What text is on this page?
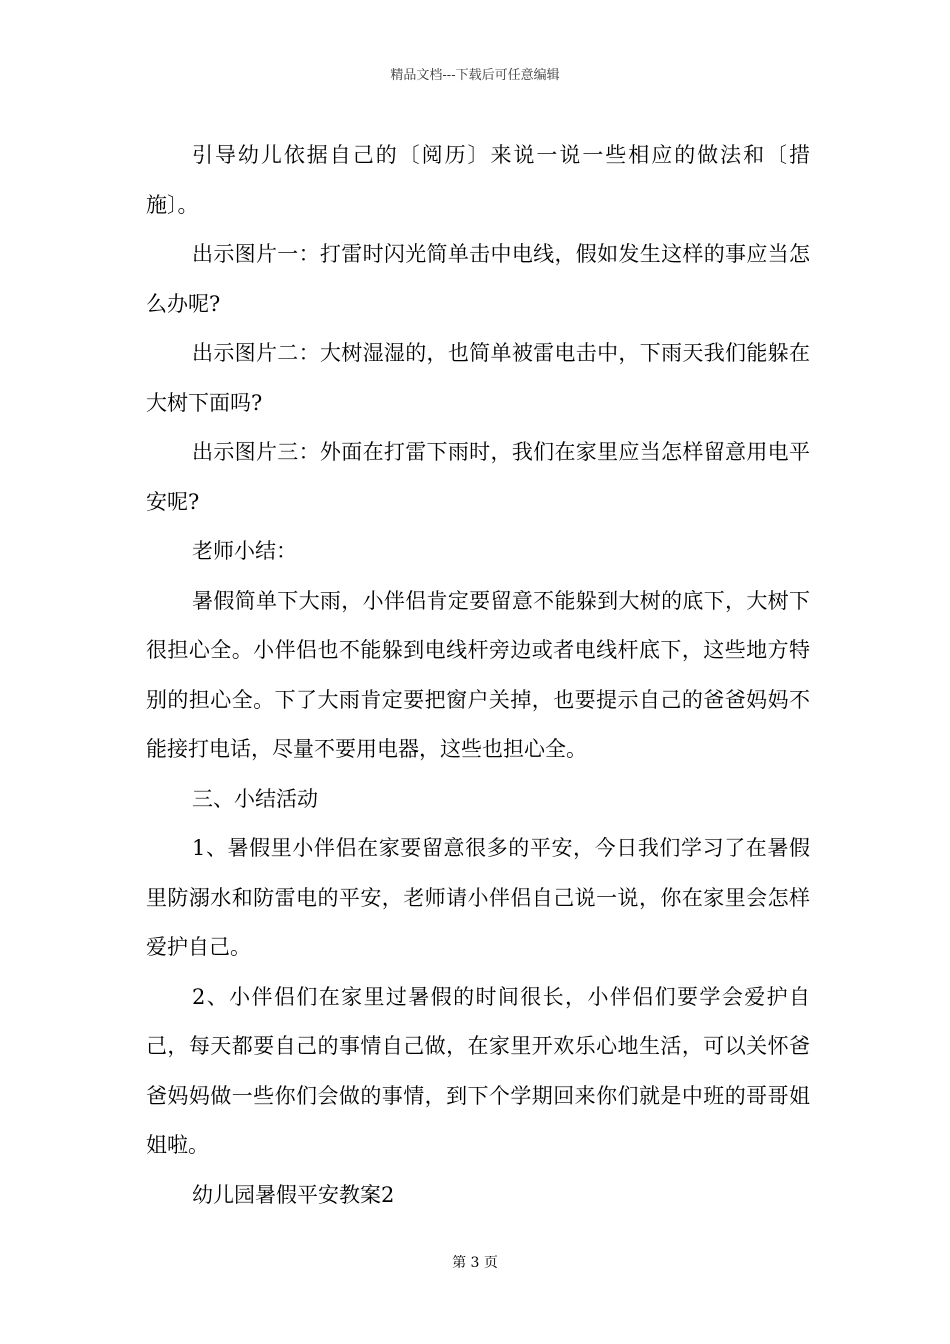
精品文档---下载后可任意编辑

引导幼儿依据自己的〔阅历〕来说一说一些相应的做法和〔措施〕。

出示图片一：打雷时闪光简单击中电线，假如发生这样的事应当怎么办呢?

出示图片二：大树湿湿的，也简单被雷电击中，下雨天我们能躲在大树下面吗?

出示图片三：外面在打雷下雨时，我们在家里应当怎样留意用电平安呢?

老师小结：

暑假简单下大雨，小伴侣肯定要留意不能躲到大树的底下，大树下很担心全。小伴侣也不能躲到电线杆旁边或者电线杆底下，这些地方特别的担心全。下了大雨肯定要把窗户关掉，也要提示自己的爸爸妈妈不能接打电话，尽量不要用电器，这些也担心全。

三、小结活动

1、暑假里小伴侣在家要留意很多的平安，今日我们学习了在暑假里防溺水和防雷电的平安，老师请小伴侣自己说一说，你在家里会怎样爱护自己。

2、小伴侣们在家里过暑假的时间很长，小伴侣们要学会爱护自己，每天都要自己的事情自己做，在家里开欢乐心地生活，可以关怀爸爸妈妈做一些你们会做的事情，到下个学期回来你们就是中班的哥哥姐姐啦。

幼儿园暑假平安教案2

第 3 页
